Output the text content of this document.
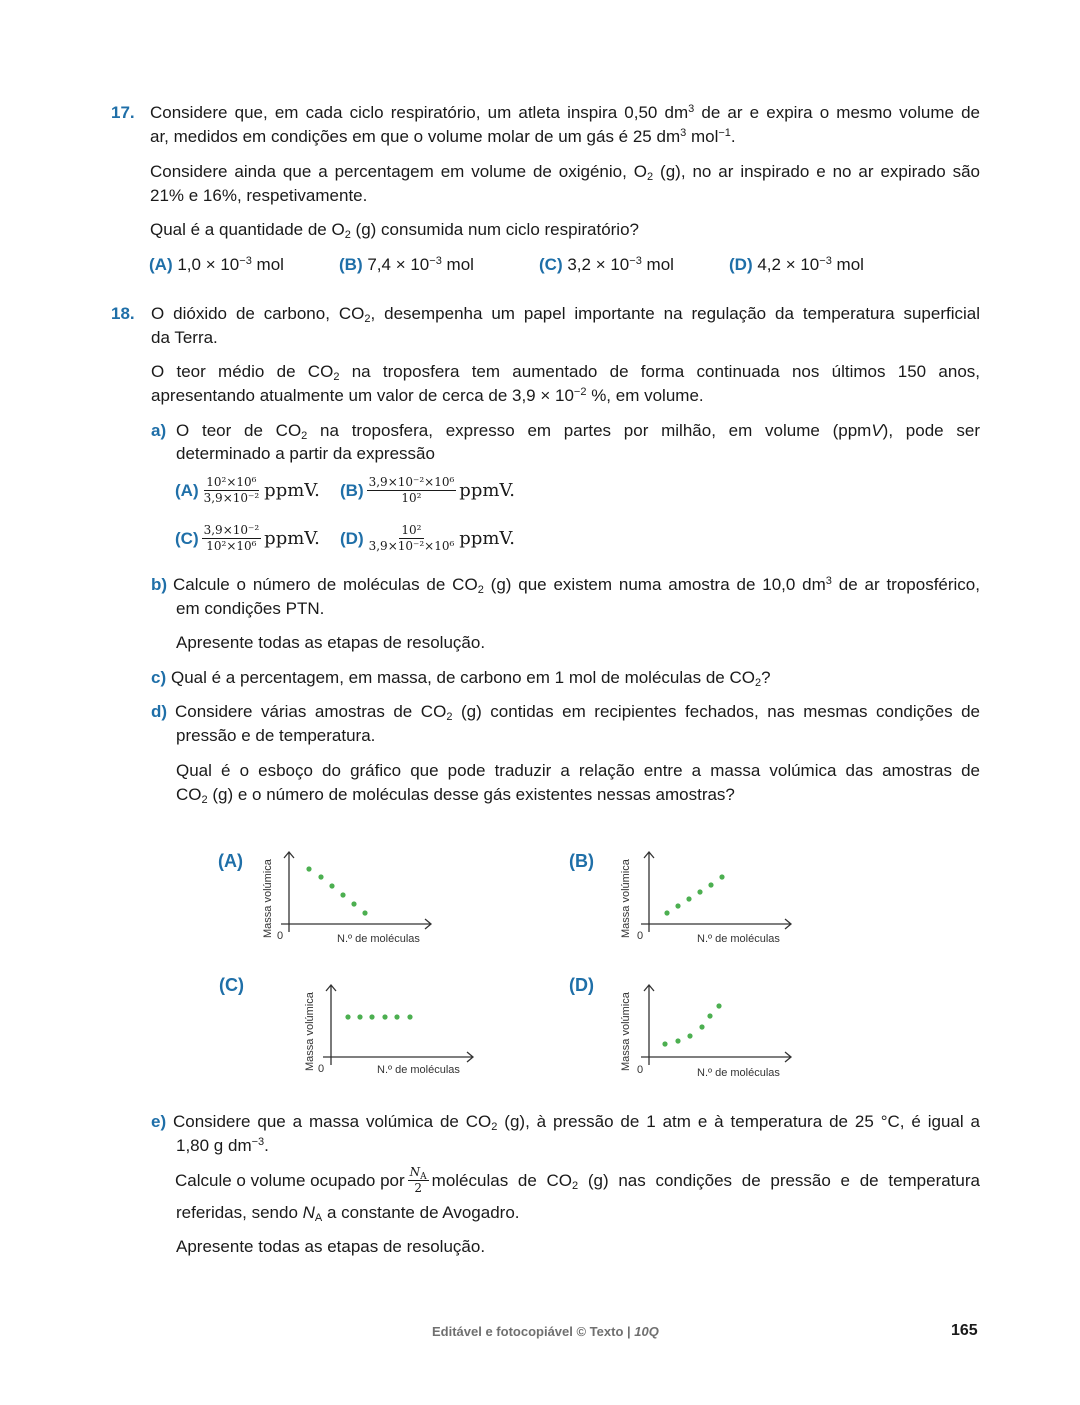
17. Considere que, em cada ciclo respiratório, um atleta inspira 0,50 $dm^3$ de ar e expira o mesmo volume de
ar, medidos em condições em que o volume molar de um gás é 25 $dm^3$ mol$^{-1}$.
Considere ainda que a percentagem em volume de oxigénio, $O_2$ (g), no ar inspirado e no ar expirado são
21% e 16%, respetivamente.
Qual é a quantidade de $O_2$ (g) consumida num ciclo respiratório?
(A) $1,0 \times 10^{-3}$ mol	(B) $7,4 \times 10^{-3}$ mol	(C) $3,2 \times 10^{-3}$ mol	(D) $4,2 \times 10^{-3}$ mol
18. O dióxido de carbono, $CO_2$, desempenha um papel importante na regulação da temperatura superficial
da Terra.
O teor médio de $CO_2$ na troposfera tem aumentado de forma continuada nos últimos 150 anos,
apresentando atualmente um valor de cerca de $3,9 \times 10^{-2}$ %, em volume.
a) O teor de $CO_2$ na troposfera, expresso em partes por milhão, em volume (ppmV), pode ser
determinado a partir da expressão
$(A) \frac{\text{10²×10⁶}}{\text{3,9×10⁻²}}$ ppmV. $(B) \frac{\text{3,9×10⁻²×10⁶}}{\text{10²}}$ ppmV.
$(C) \frac{\text{3,9×10⁻²}}{\text{10²×10⁶}}$ ppmV. $(D) \frac{\text{10²}}{\text{3,9×10⁻²×10⁶}}$ ppmV.
b) Calcule o número de moléculas de $CO_2$ (g) que existem numa amostra de 10,0 $dm^3$ de ar troposférico,
em condições PTN.
Apresente todas as etapas de resolução.
c) Qual é a percentagem, em massa, de carbono em 1 mol de moléculas de $CO_2$?
d) Considere várias amostras de $CO_2$ (g) contidas em recipientes fechados, nas mesmas condições de
pressão e de temperatura.
Qual é o esboço do gráfico que pode traduzir a relação entre a massa volúmica das amostras de
$CO_2$ (g) e o número de moléculas desse gás existentes nessas amostras?
(A)	(B)
(C)	(D)
Massa volúmica 0	N.º de moléculas
Massa volúmica 0	N.º de moléculas
Massa volúmica 0	N.º de moléculas	Massa volúmica 0	N.º de moléculas
e) Considere que a massa volúmica de $CO_2$ (g), à pressão de 1 atm e à temperatura de 25 °C, é igual a
1,80 g $dm^{-3}$.
Calcule o volume ocupado por $\frac{N_A}{2}$ moléculas de $CO_2$ (g) nas condições de pressão e de temperatura
referidas, sendo $N_A$ a constante de Avogadro.
Apresente todas as etapas de resolução.
Editável e fotocopiável © Texto | 10Q	165
